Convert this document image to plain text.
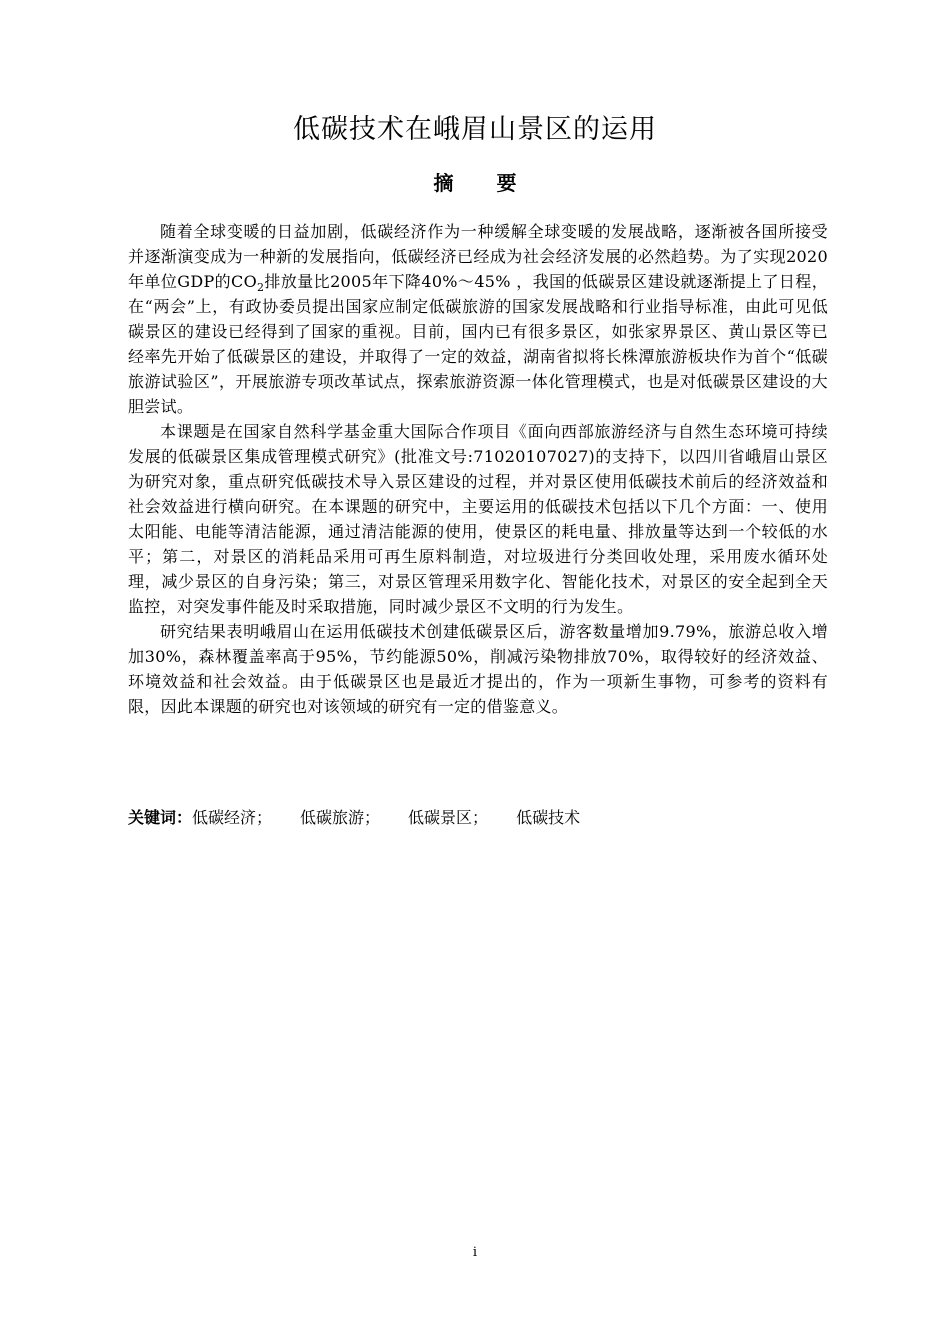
低碳技术在峨眉山景区的运用
摘 要

随着全球变暖的日益加剧，低碳经济作为一种缓解全球变暖的发展战略，逐渐被各国所接受并逐渐演变成为一种新的发展指向，低碳经济已经成为社会经济发展的必然趋势。为了实现2020年单位GDP的$CO_2$排放量比2005年下降40%～45% ，我国的低碳景区建设就逐渐提上了日程，在“两会”上，有政协委员提出国家应制定低碳旅游的国家发展战略和行业指导标准，由此可见低碳景区的建设已经得到了国家的重视。目前，国内已有很多景区，如张家界景区、黄山景区等已经率先开始了低碳景区的建设，并取得了一定的效益，湖南省拟将长株潭旅游板块作为首个“低碳旅游试验区”，开展旅游专项改革试点，探索旅游资源一体化管理模式，也是对低碳景区建设的大胆尝试。

本课题是在国家自然科学基金重大国际合作项目《面向西部旅游经济与自然生态环境可持续发展的低碳景区集成管理模式研究》(批准文号:71020107027)的支持下，以四川省峨眉山景区为研究对象，重点研究低碳技术导入景区建设的过程，并对景区使用低碳技术前后的经济效益和社会效益进行横向研究。在本课题的研究中，主要运用的低碳技术包括以下几个方面：一、使用太阳能、电能等清洁能源，通过清洁能源的使用，使景区的耗电量、排放量等达到一个较低的水平；第二，对景区的消耗品采用可再生原料制造，对垃圾进行分类回收处理，采用废水循环处理，减少景区的自身污染；第三，对景区管理采用数字化、智能化技术，对景区的安全起到全天监控，对突发事件能及时采取措施，同时减少景区不文明的行为发生。

研究结果表明峨眉山在运用低碳技术创建低碳景区后，游客数量增加9.79%，旅游总收入增加30%，森林覆盖率高于95%，节约能源50%，削减污染物排放70%，取得较好的经济效益、环境效益和社会效益。由于低碳景区也是最近才提出的，作为一项新生事物，可参考的资料有限，因此本课题的研究也对该领域的研究有一定的借鉴意义。

关键词：低碳经济； 低碳旅游； 低碳景区； 低碳技术
i
